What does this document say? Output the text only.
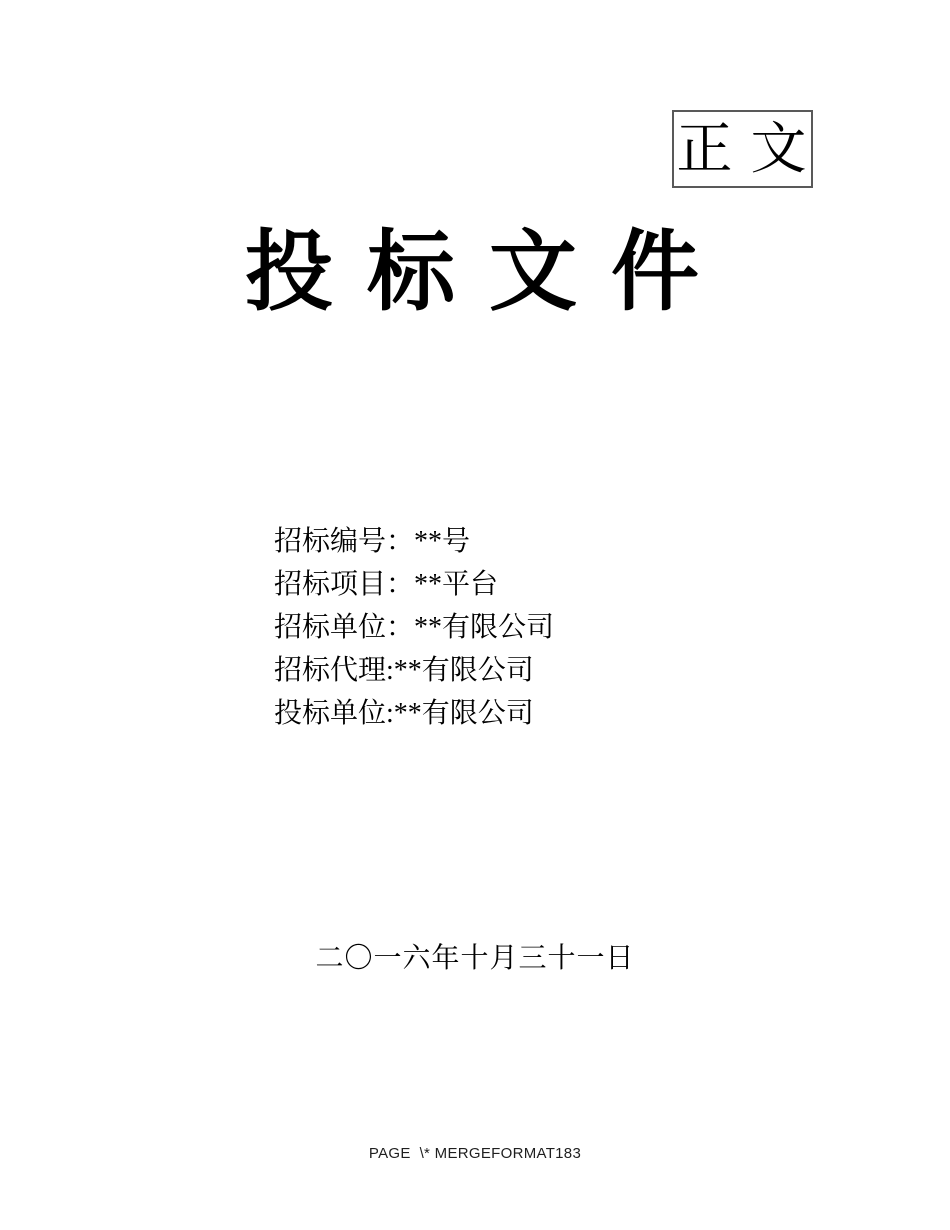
正 文
投 标 文 件
招标编号：**号
招标项目：**平台
招标单位：**有限公司
招标代理:**有限公司
投标单位:**有限公司
二〇一六年十月三十一日
PAGE  \* MERGEFORMAT183
